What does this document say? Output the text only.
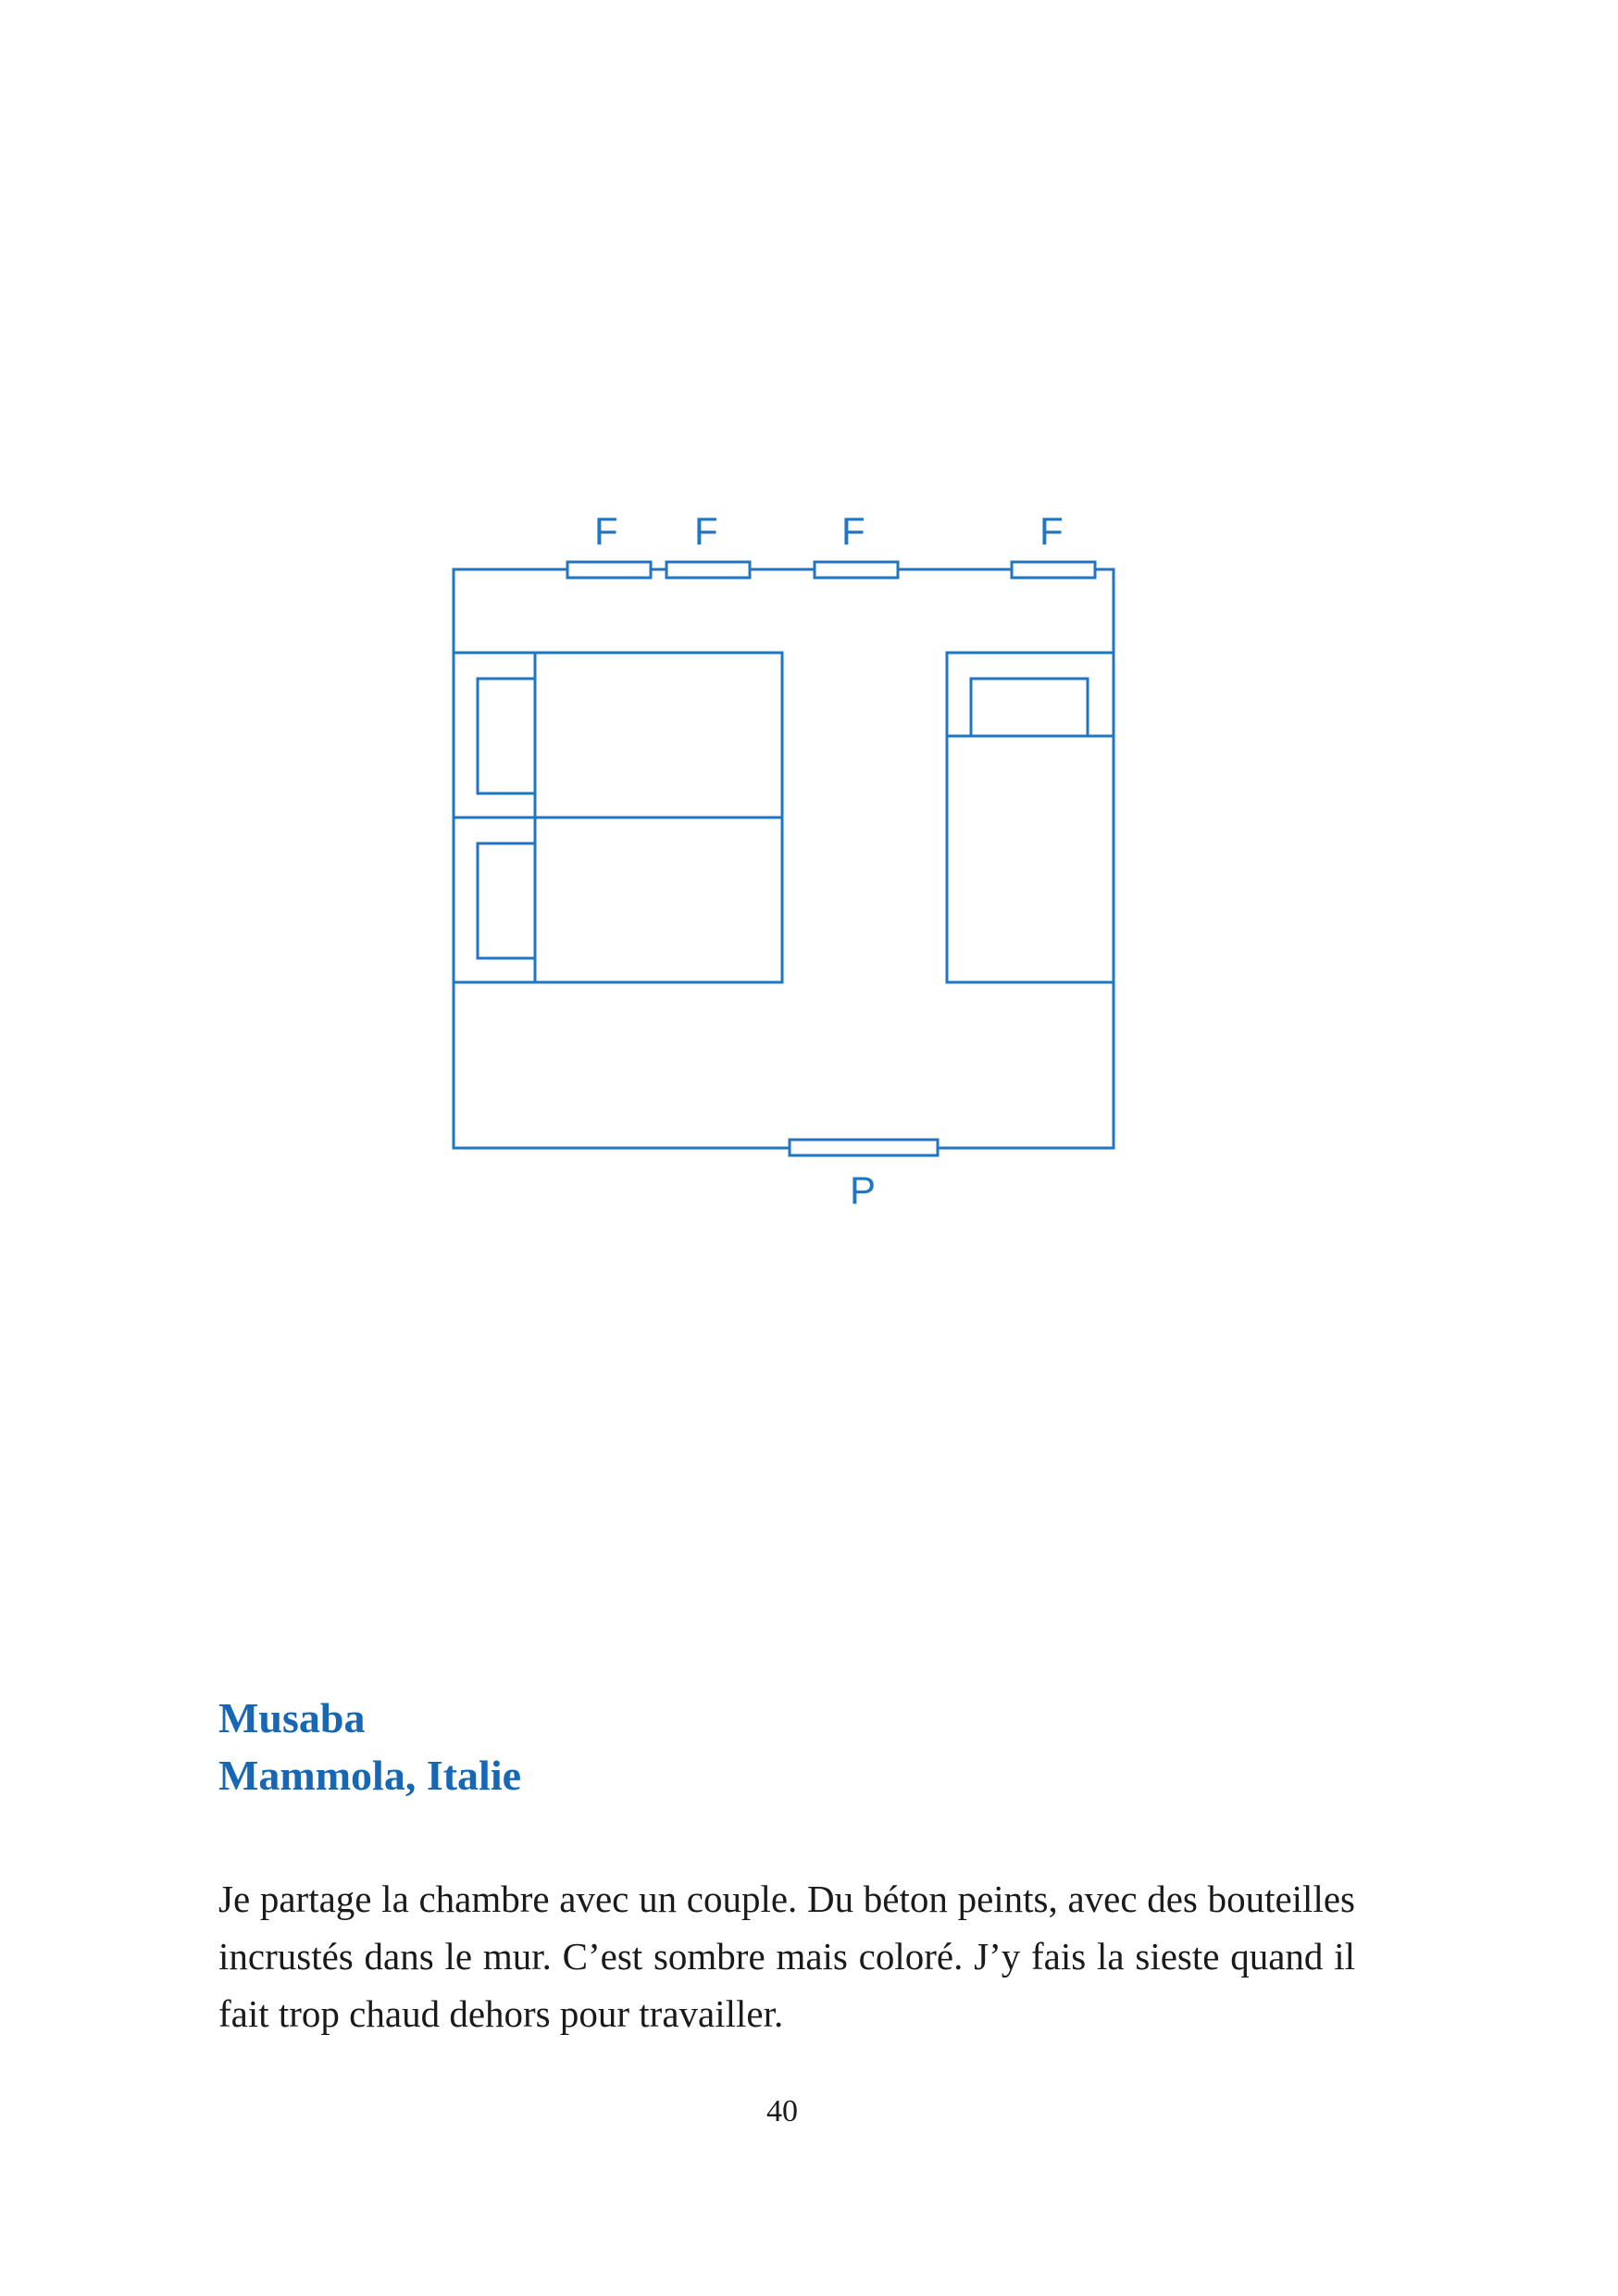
F F	F	F
P
Musaba
Mammola, Italie

Je partage la chambre avec un couple. Du béton peints, avec des bouteilles incrustés dans le mur. C’est sombre mais coloré. J’y fais la sieste quand il fait trop chaud dehors pour travailler.

40
